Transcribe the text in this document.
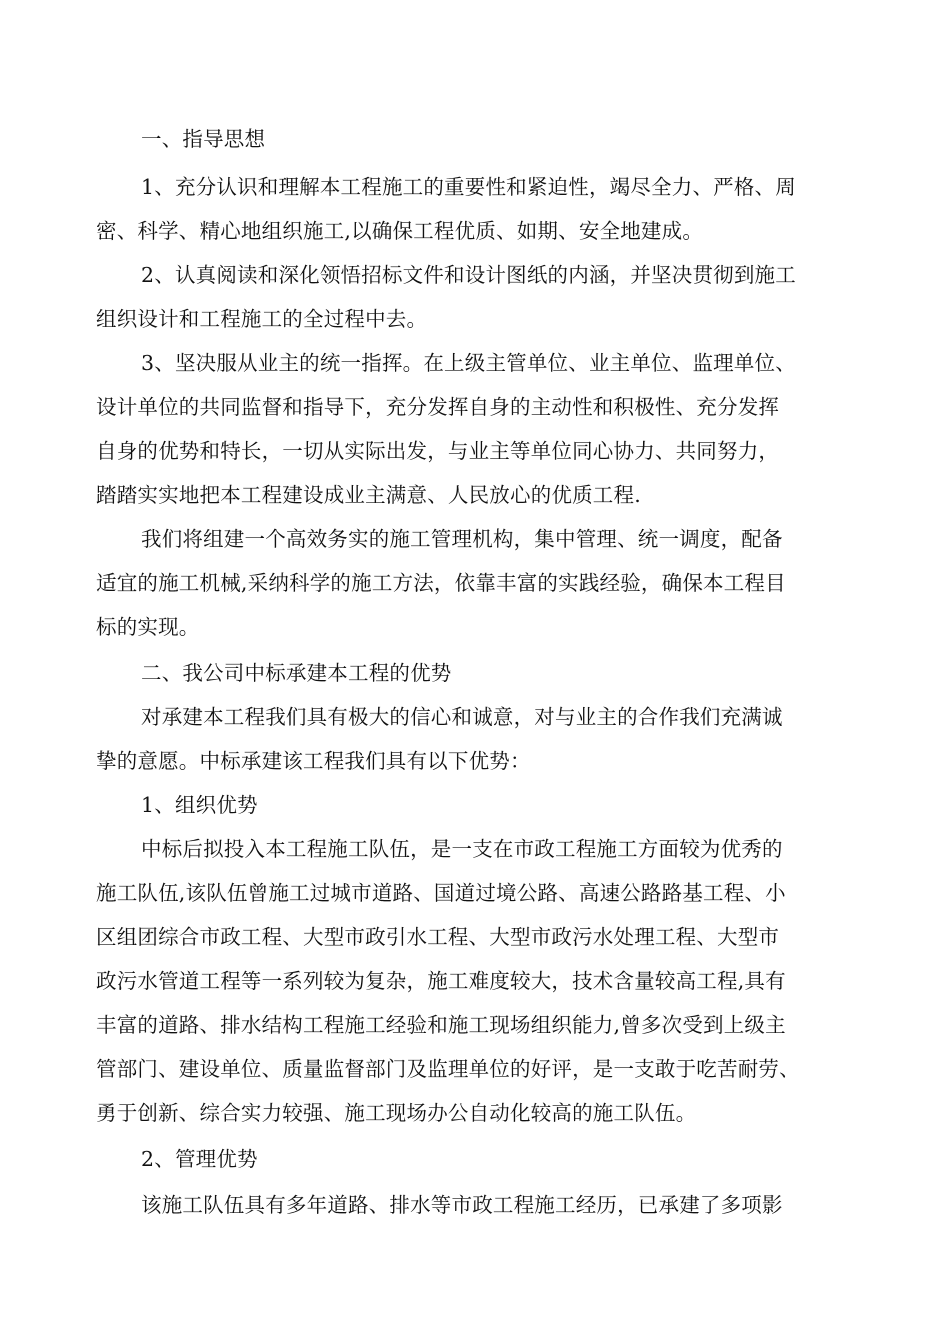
一、指导思想
1、充分认识和理解本工程施工的重要性和紧迫性，竭尽全力、严格、周
密、科学、精心地组织施工,以确保工程优质、如期、安全地建成。
2、认真阅读和深化领悟招标文件和设计图纸的内涵，并坚决贯彻到施工
组织设计和工程施工的全过程中去。
3、坚决服从业主的统一指挥。在上级主管单位、业主单位、监理单位、
设计单位的共同监督和指导下，充分发挥自身的主动性和积极性、充分发挥
自身的优势和特长，一切从实际出发，与业主等单位同心协力、共同努力，
踏踏实实地把本工程建设成业主满意、人民放心的优质工程.
我们将组建一个高效务实的施工管理机构，集中管理、统一调度，配备
适宜的施工机械,采纳科学的施工方法，依靠丰富的实践经验，确保本工程目
标的实现。
二、我公司中标承建本工程的优势
对承建本工程我们具有极大的信心和诚意，对与业主的合作我们充满诚
挚的意愿。中标承建该工程我们具有以下优势：
1、组织优势
中标后拟投入本工程施工队伍，是一支在市政工程施工方面较为优秀的
施工队伍,该队伍曾施工过城市道路、国道过境公路、高速公路路基工程、小
区组团综合市政工程、大型市政引水工程、大型市政污水处理工程、大型市
政污水管道工程等一系列较为复杂，施工难度较大，技术含量较高工程,具有
丰富的道路、排水结构工程施工经验和施工现场组织能力,曾多次受到上级主
管部门、建设单位、质量监督部门及监理单位的好评，是一支敢于吃苦耐劳、
勇于创新、综合实力较强、施工现场办公自动化较高的施工队伍。
2、管理优势
该施工队伍具有多年道路、排水等市政工程施工经历，已承建了多项影
